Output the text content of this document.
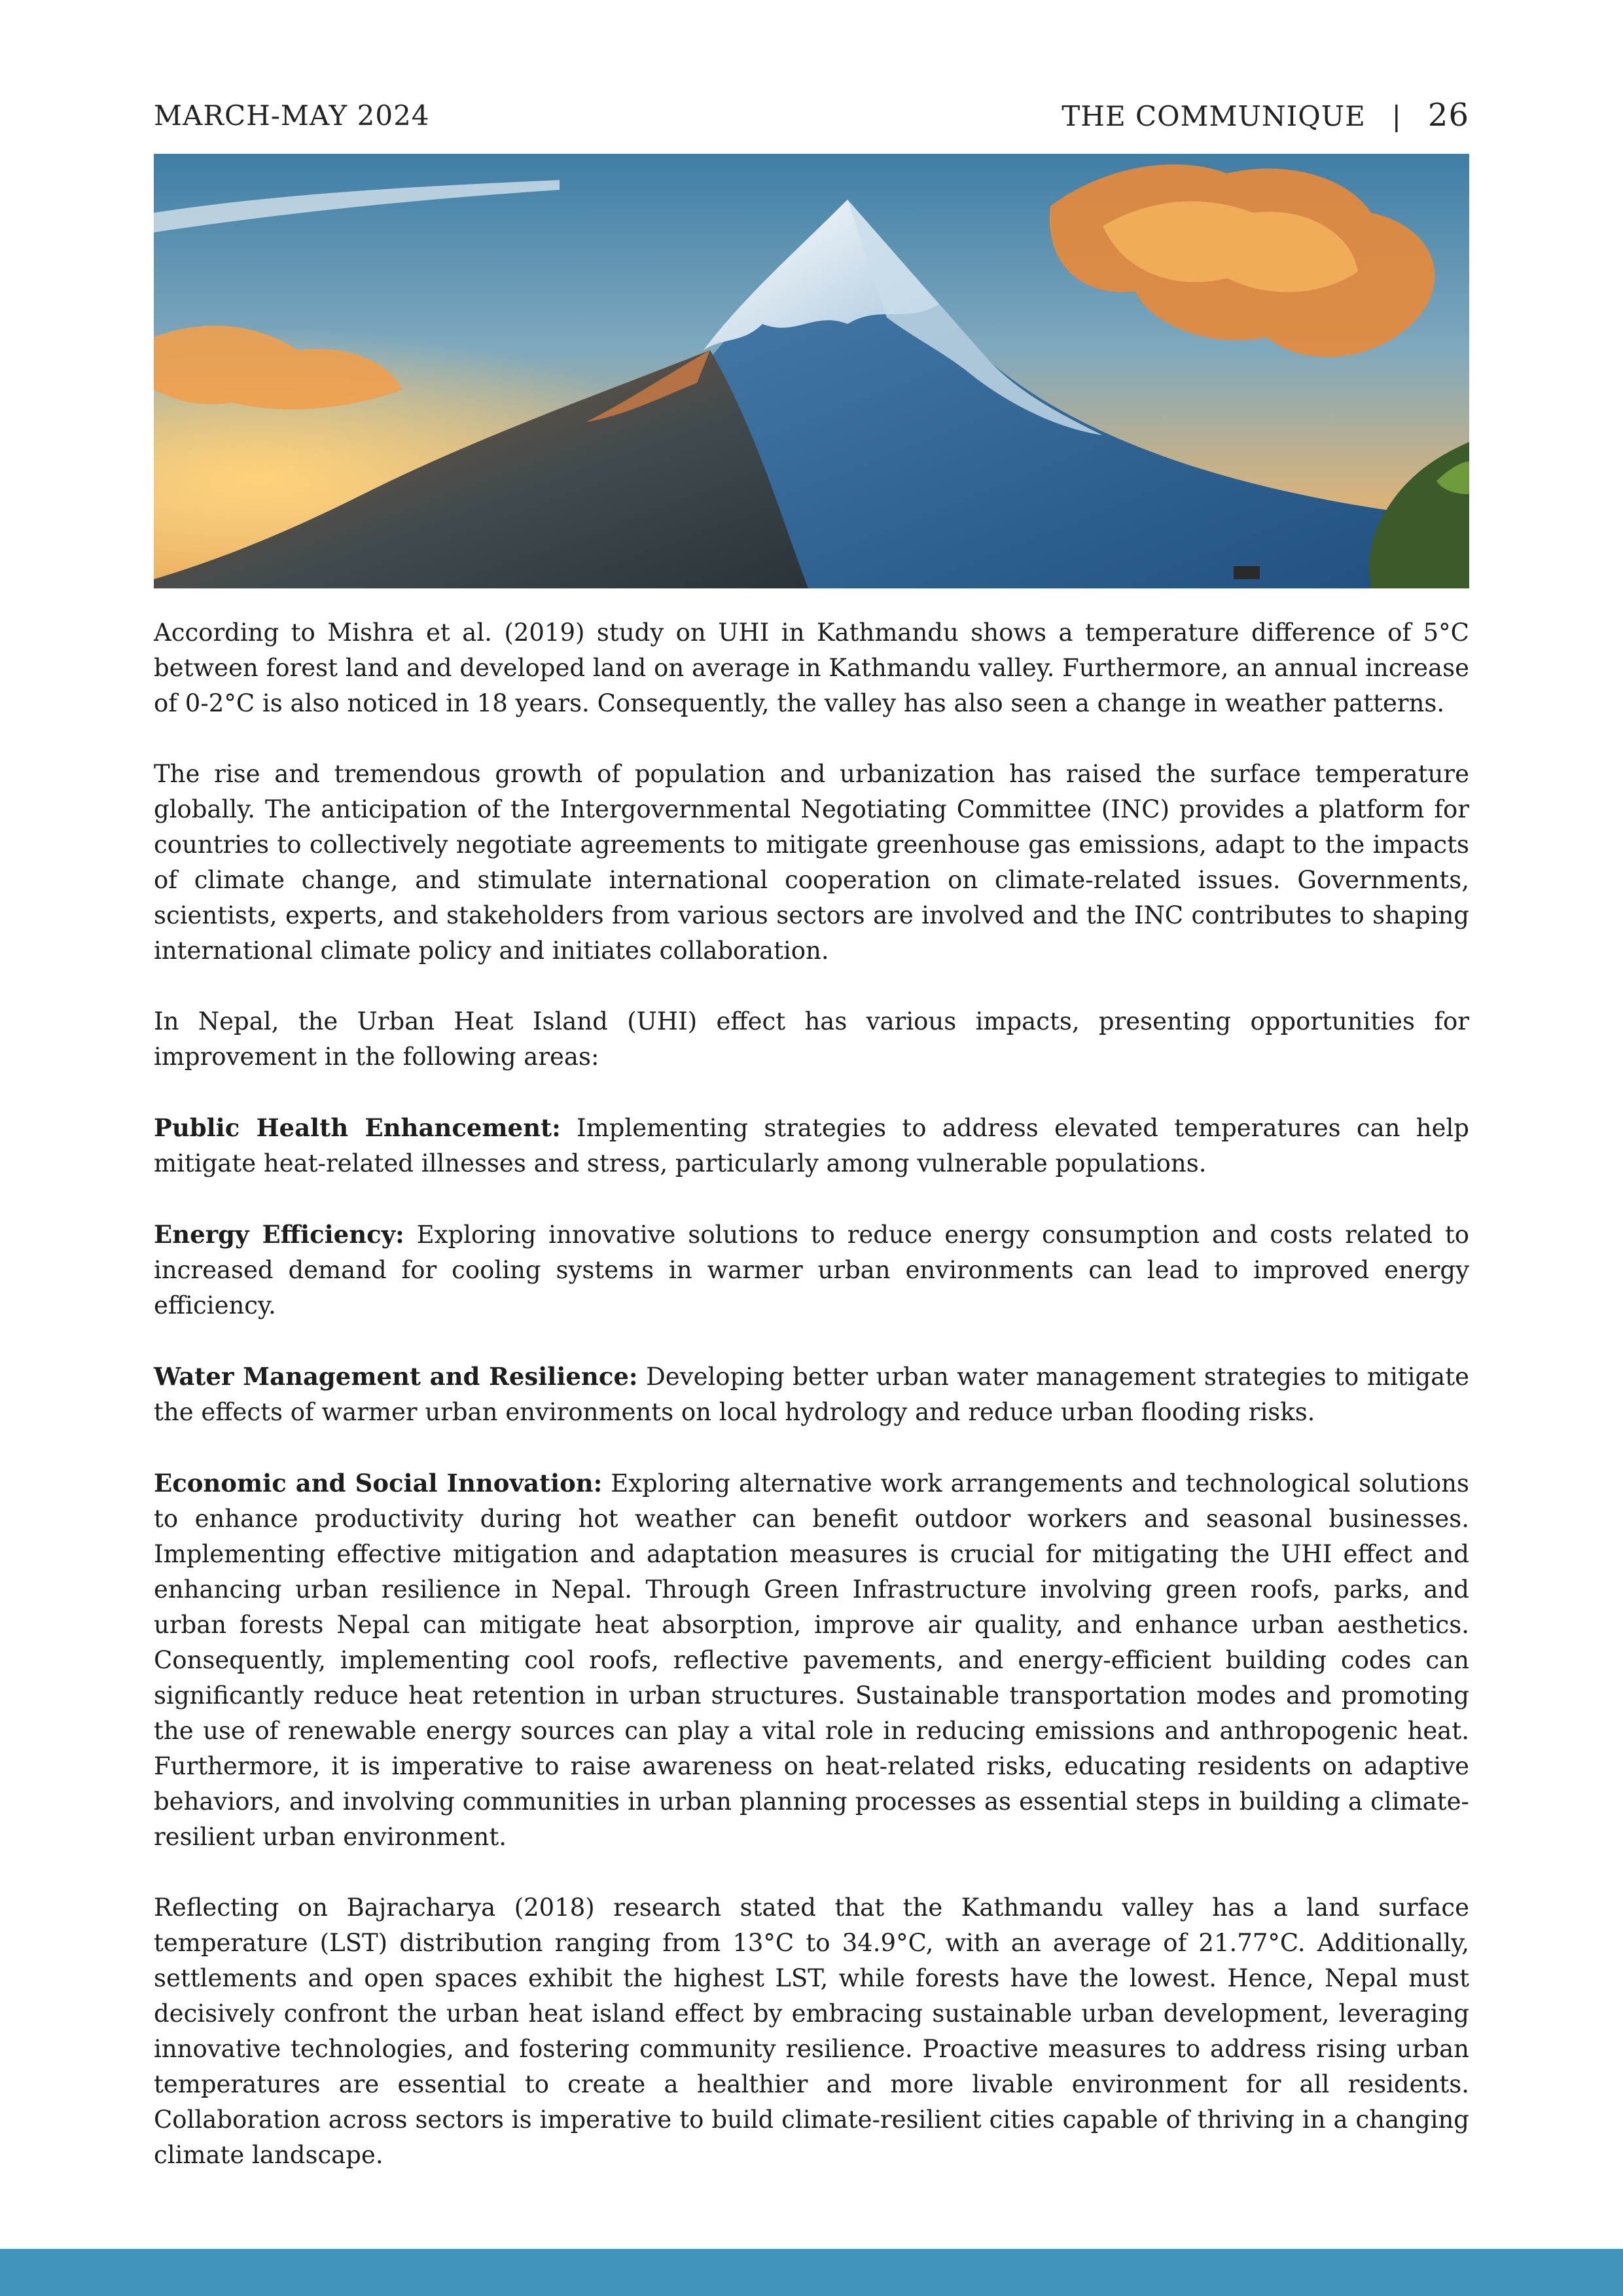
MARCH-MAY 2024	THE COMMUNIQUE | 26

According to Mishra et al. (2019) study on UHI in Kathmandu shows a temperature difference of 5°C between forest land and developed land on average in Kathmandu valley. Furthermore, an annual increase of 0-2°C is also noticed in 18 years. Consequently, the valley has also seen a change in weather patterns.

The rise and tremendous growth of population and urbanization has raised the surface temperature globally. The anticipation of the Intergovernmental Negotiating Committee (INC) provides a platform for countries to collectively negotiate agreements to mitigate greenhouse gas emissions, adapt to the impacts of climate change, and stimulate international cooperation on climate-related issues. Governments, scientists, experts, and stakeholders from various sectors are involved and the INC contributes to shaping international climate policy and initiates collaboration.

In Nepal, the Urban Heat Island (UHI) effect has various impacts, presenting opportunities for improvement in the following areas:

Public Health Enhancement: Implementing strategies to address elevated temperatures can help mitigate heat-related illnesses and stress, particularly among vulnerable populations.

Energy Efficiency: Exploring innovative solutions to reduce energy consumption and costs related to increased demand for cooling systems in warmer urban environments can lead to improved energy efficiency.

Water Management and Resilience: Developing better urban water management strategies to mitigate the effects of warmer urban environments on local hydrology and reduce urban flooding risks.

Economic and Social Innovation: Exploring alternative work arrangements and technological solutions to enhance productivity during hot weather can benefit outdoor workers and seasonal businesses. Implementing effective mitigation and adaptation measures is crucial for mitigating the UHI effect and enhancing urban resilience in Nepal. Through Green Infrastructure involving green roofs, parks, and urban forests Nepal can mitigate heat absorption, improve air quality, and enhance urban aesthetics. Consequently, implementing cool roofs, reflective pavements, and energy-efficient building codes can significantly reduce heat retention in urban structures. Sustainable transportation modes and promoting the use of renewable energy sources can play a vital role in reducing emissions and anthropogenic heat. Furthermore, it is imperative to raise awareness on heat-related risks, educating residents on adaptive behaviors, and involving communities in urban planning processes as essential steps in building a climate-resilient urban environment.

Reflecting on Bajracharya (2018) research stated that the Kathmandu valley has a land surface temperature (LST) distribution ranging from 13°C to 34.9°C, with an average of 21.77°C. Additionally, settlements and open spaces exhibit the highest LST, while forests have the lowest. Hence, Nepal must decisively confront the urban heat island effect by embracing sustainable urban development, leveraging innovative technologies, and fostering community resilience. Proactive measures to address rising urban temperatures are essential to create a healthier and more livable environment for all residents. Collaboration across sectors is imperative to build climate-resilient cities capable of thriving in a changing climate landscape.
